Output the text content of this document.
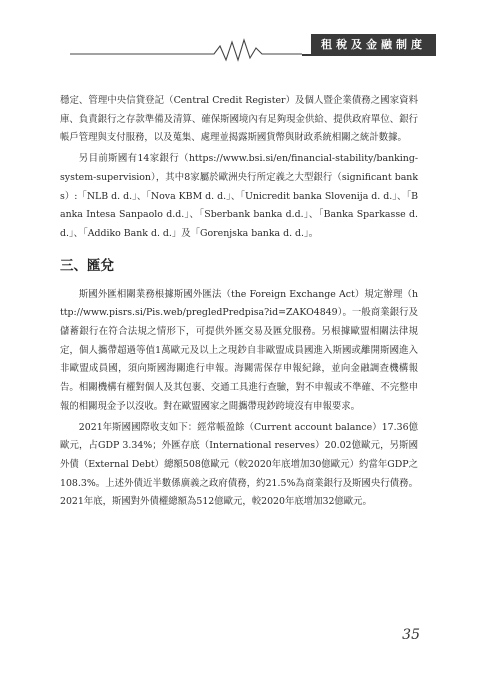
租稅及金融制度

穩定、管理中央信貸登記（Central Credit Register）及個人暨企業債務之國家資料庫、負責銀行之存款準備及清算、確保斯國境內有足夠現金供給、提供政府單位、銀行帳戶管理與支付服務，以及蒐集、處理並揭露斯國貨幣與財政系統相關之統計數據。

另目前斯國有14家銀行（https://www.bsi.si/en/financial-stability/banking-system-supervision），其中8家屬於歐洲央行所定義之大型銀行（significant banks）:「NLB d. d.」、「Nova KBM d. d.」、「Unicredit banka Slovenija d. d.」、「Banka Intesa Sanpaolo d.d.」、「Sberbank banka d.d.」、「Banka Sparkasse d.d.」、「Addiko Bank d. d.」及「Gorenjska banka d. d.」。

三、匯兌

斯國外匯相關業務根據斯國外匯法（the Foreign Exchange Act）規定辦理（http://www.pisrs.si/Pis.web/pregledPredpisa?id=ZAKO4849）。一般商業銀行及儲蓄銀行在符合法規之情形下，可提供外匯交易及匯兌服務。另根據歐盟相關法律規定，個人攜帶超過等值1萬歐元及以上之現鈔自非歐盟成員國進入斯國或離開斯國進入非歐盟成員國，須向斯國海關進行申報。海關需保存申報紀錄，並向金融調查機構報告。相關機構有權對個人及其包裹、交通工具進行查驗，對不申報或不準確、不完整申報的相關現金予以沒收。對在歐盟國家之間攜帶現鈔跨境沒有申報要求。

2021年斯國國際收支如下：經常帳盈餘（Current account balance）17.36億歐元，占GDP 3.34%；外匯存底（International reserves）20.02億歐元，另斯國外債（External Debt）總額508億歐元（較2020年底增加30億歐元）約當年GDP之108.3%。上述外債近半數係廣義之政府債務，約21.5%為商業銀行及斯國央行債務。2021年底，斯國對外債權總額為512億歐元，較2020年底增加32億歐元。

35
